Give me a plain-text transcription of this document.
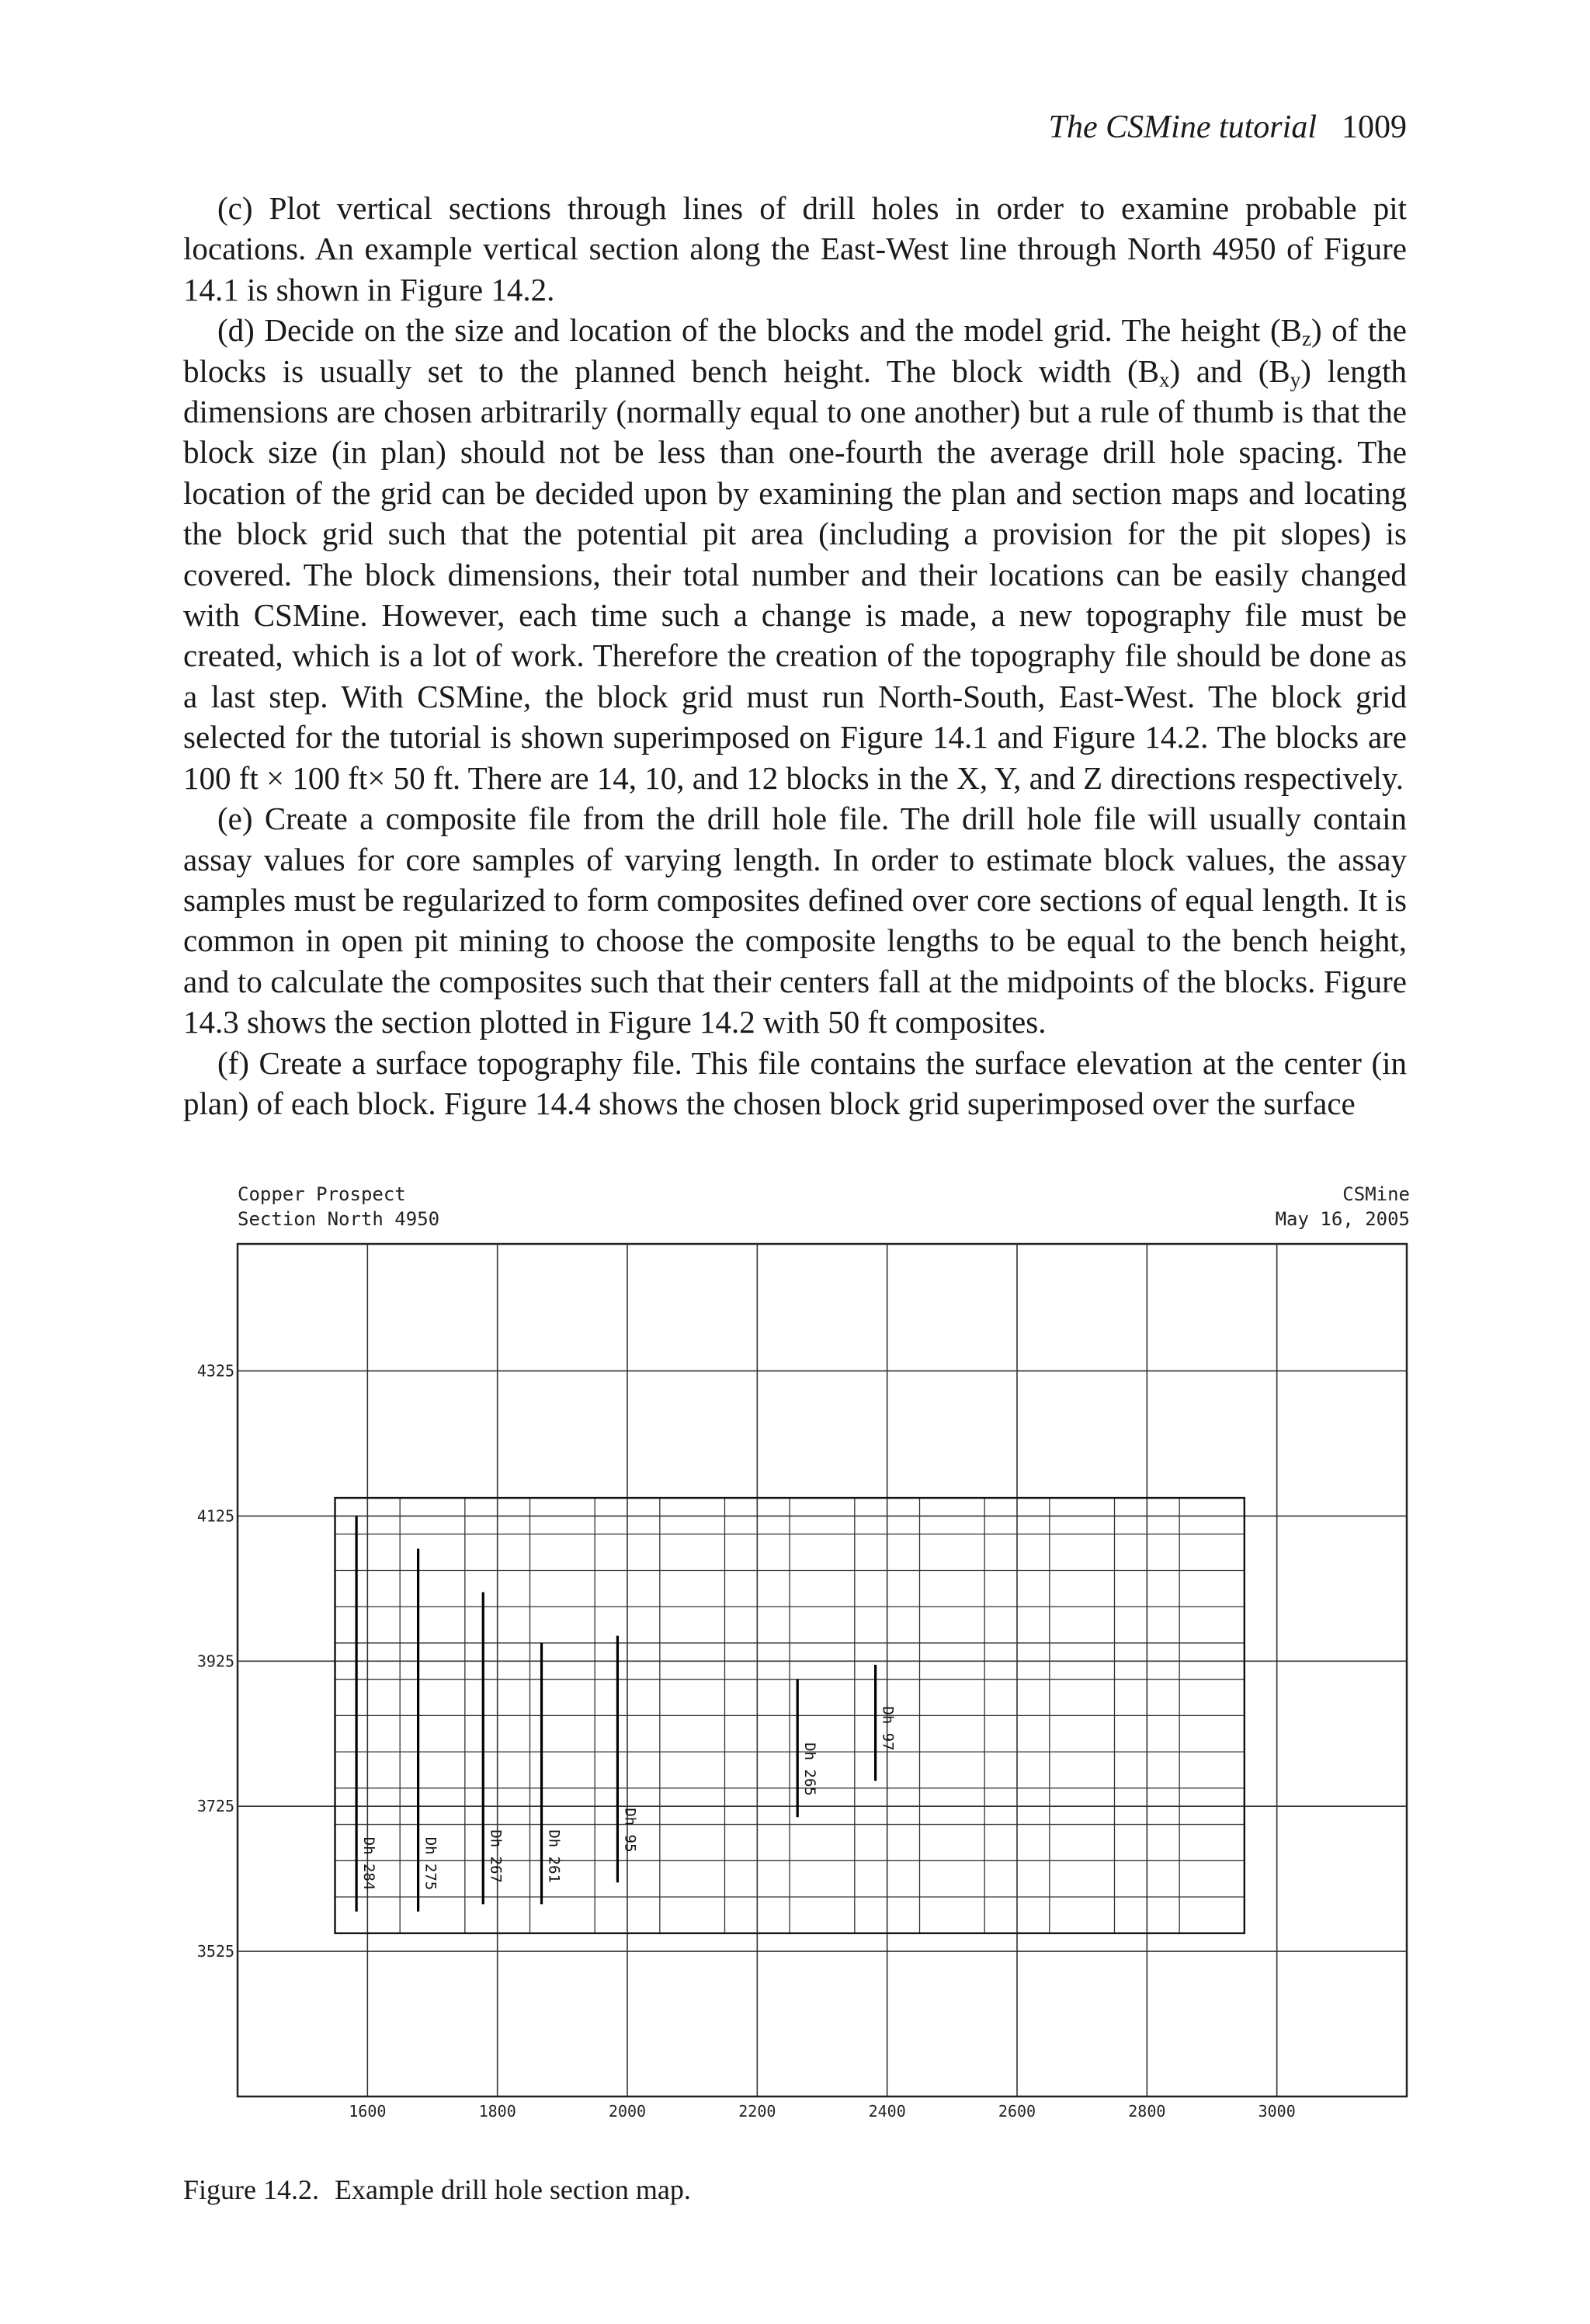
The CSMine tutorial 1009

(c) Plot vertical sections through lines of drill holes in order to examine probable pit locations. An example vertical section along the East-West line through North 4950 of Figure 14.1 is shown in Figure 14.2.

(d) Decide on the size and location of the blocks and the model grid. The height $(B_z)$ of the blocks is usually set to the planned bench height. The block width $(B_x)$ and $(B_y)$ length dimensions are chosen arbitrarily (normally equal to one another) but a rule of thumb is that the block size (in plan) should not be less than one-fourth the average drill hole spacing. The location of the grid can be decided upon by examining the plan and section maps and locating the block grid such that the potential pit area (including a provision for the pit slopes) is covered. The block dimensions, their total number and their locations can be easily changed with CSMine. However, each time such a change is made, a new topography file must be created, which is a lot of work. Therefore the creation of the topography file should be done as a last step. With CSMine, the block grid must run North-South, East-West. The block grid selected for the tutorial is shown superimposed on Figure 14.1 and Figure 14.2. The blocks are 100 ft × 100 ft× 50 ft. There are 14, 10, and 12 blocks in the X, Y, and Z directions respectively.

(e) Create a composite file from the drill hole file. The drill hole file will usually contain assay values for core samples of varying length. In order to estimate block values, the assay samples must be regularized to form composites defined over core sections of equal length. It is common in open pit mining to choose the composite lengths to be equal to the bench height, and to calculate the composites such that their centers fall at the midpoints of the blocks. Figure 14.3 shows the section plotted in Figure 14.2 with 50 ft composites.

(f) Create a surface topography file. This file contains the surface elevation at the center (in plan) of each block. Figure 14.4 shows the chosen block grid superimposed over the surface

Copper Prospect
Section North 4950
CSMine
May 16, 2005
Dh 284	Dh 275	Dh 267	Dh 261	Dh 95
Dh 265
Dh 97
1600	1800	2000	2200	2400	2600	2800	3000
4325
4125
3925
3725
3525
Figure 14.2. Example drill hole section map.
